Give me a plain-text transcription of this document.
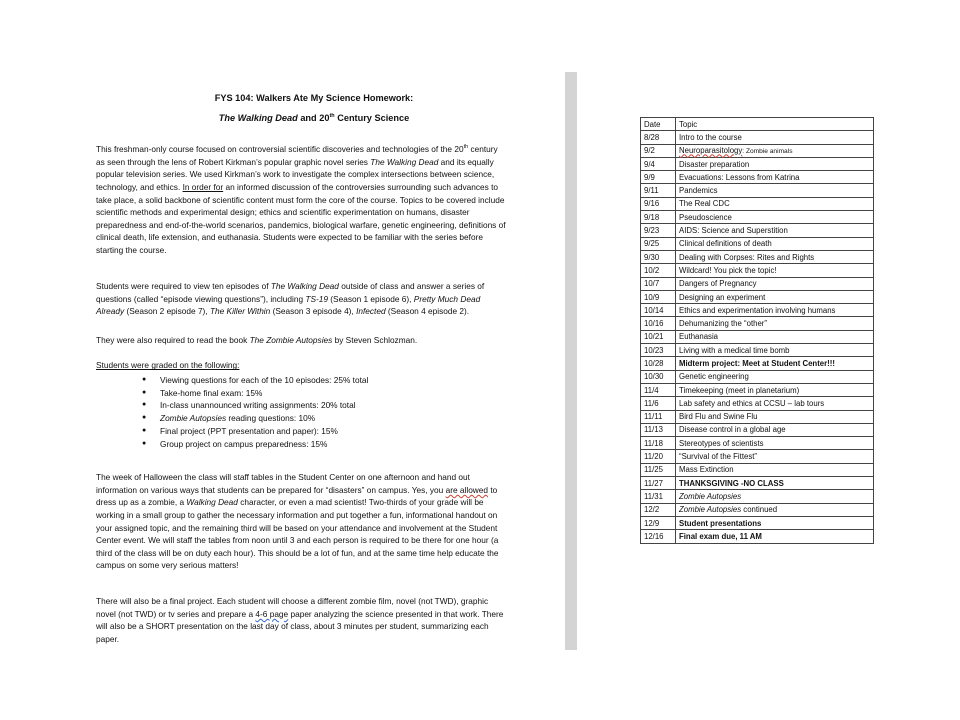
FYS 104: Walkers Ate My Science Homework:
The Walking Dead and 20th Century Science

This freshman-only course focused on controversial scientific discoveries and technologies of the 20th century as seen through the lens of Robert Kirkman’s popular graphic novel series The Walking Dead and its equally popular television series. We used Kirkman’s work to investigate the complex intersections between science, technology, and ethics. In order for an informed discussion of the controversies surrounding such advances to take place, a solid backbone of scientific content must form the core of the course. Topics to be covered include scientific methods and experimental design; ethics and scientific experimentation on humans, disaster preparedness and end-of-the-world scenarios, pandemics, biological warfare, genetic engineering, definitions of clinical death, life extension, and euthanasia. Students were expected to be familiar with the series before starting the course.

Students were required to view ten episodes of The Walking Dead outside of class and answer a series of questions (called “episode viewing questions”), including TS-19 (Season 1 episode 6), Pretty Much Dead Already (Season 2 episode 7), The Killer Within (Season 3 episode 4), Infected (Season 4 episode 2).

They were also required to read the book The Zombie Autopsies by Steven Schlozman.

Students were graded on the following:

● Viewing questions for each of the 10 episodes: 25% total
● Take-home final exam: 15%
● In-class unannounced writing assignments: 20% total
● Zombie Autopsies reading questions: 10%
● Final project (PPT presentation and paper): 15%
● Group project on campus preparedness: 15%

The week of Halloween the class will staff tables in the Student Center on one afternoon and hand out information on various ways that students can be prepared for “disasters” on campus. Yes, you are allowed to dress up as a zombie, a Walking Dead character, or even a mad scientist! Two-thirds of your grade will be working in a small group to gather the necessary information and put together a fun, informational handout on your assigned topic, and the remaining third will be based on your attendance and involvement at the Student Center event. We will staff the tables from noon until 3 and each person is required to be there for one hour (a third of the class will be on duty each hour). This should be a lot of fun, and at the same time help educate the campus on some very serious matters!

There will also be a final project. Each student will choose a different zombie film, novel (not TWD), graphic novel (not TWD) or tv series and prepare a 4-6 page paper analyzing the science presented in that work. There will also be a SHORT presentation on the last day of class, about 3 minutes per student, summarizing each paper.

Date	Topic
8/28	Intro to the course
9/2	Neuroparasitology: Zombie animals
9/4	Disaster preparation
9/9	Evacuations: Lessons from Katrina
9/11	Pandemics
9/16	The Real CDC
9/18	Pseudoscience
9/23	AIDS: Science and Superstition
9/25	Clinical definitions of death
9/30	Dealing with Corpses: Rites and Rights
10/2	Wildcard! You pick the topic!
10/7	Dangers of Pregnancy
10/9	Designing an experiment
10/14	Ethics and experimentation involving humans
10/16	Dehumanizing the “other”
10/21	Euthanasia
10/23	Living with a medical time bomb
10/28	Midterm project: Meet at Student Center!!!
10/30	Genetic engineering
11/4	Timekeeping (meet in planetarium)
11/6	Lab safety and ethics at CCSU – lab tours
11/11	Bird Flu and Swine Flu
11/13	Disease control in a global age
11/18	Stereotypes of scientists
11/20	“Survival of the Fittest”
11/25	Mass Extinction
11/27	THANKSGIVING -NO CLASS
11/31	Zombie Autopsies
12/2	Zombie Autopsies continued
12/9	Student presentations
12/16	Final exam due, 11 AM
